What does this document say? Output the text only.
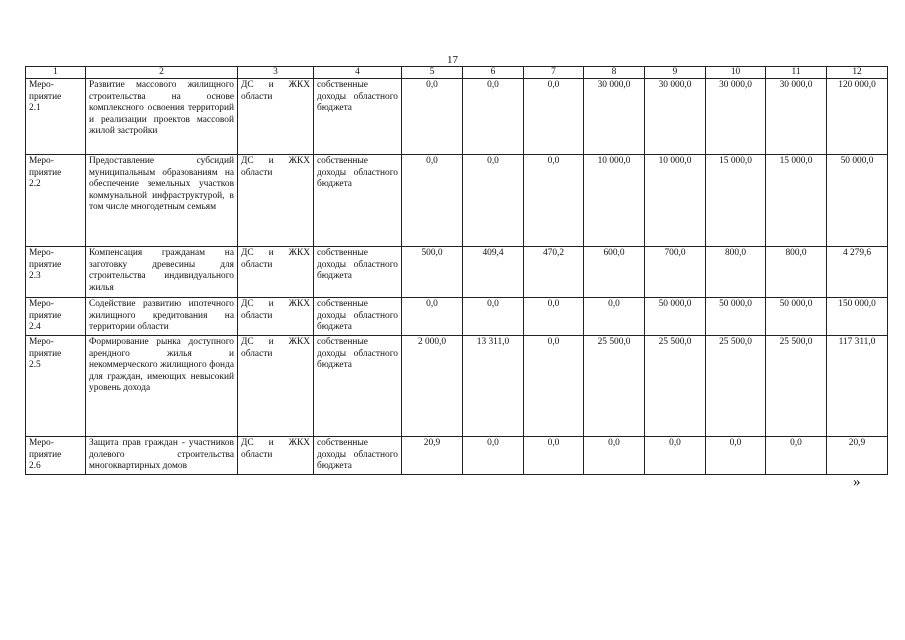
17
1	2	3	4	5	6	7	8	9	10	11	12

Меро-
приятие
2.1	Развитие массового жилищного строительства на основе комплексного освоения территорий и реализации проектов массовой жилой застройки	ДС и ЖКХ области	собственные доходы областного бюджета	0,0	0,0	0,0	30 000,0	30 000,0	30 000,0	30 000,0	120 000,0

Меро-
приятие
2.2	Предоставление субсидий муниципальным образованиям на обеспечение земельных участков коммунальной инфраструктурой, в том числе многодетным семьям	ДС и ЖКХ области	собственные доходы областного бюджета	0,0	0,0	0,0	10 000,0	10 000,0	15 000,0	15 000,0	50 000,0

Меро-
приятие
2.3	Компенсация гражданам на заготовку древесины для строительства индивидуального жилья	ДС и ЖКХ области	собственные доходы областного бюджета	500,0	409,4	470,2	600,0	700,0	800,0	800,0	4 279,6

Меро-
приятие
2.4	Содействие развитию ипотечного жилищного кредитования на территории области	ДС и ЖКХ области	собственные доходы областного бюджета	0,0	0,0	0,0	0,0	50 000,0	50 000,0	50 000,0	150 000,0

Меро-
приятие
2.5	Формирование рынка доступного арендного жилья и некоммерческого жилищного фонда для граждан, имеющих невысокий уровень дохода	ДС и ЖКХ области	собственные доходы областного бюджета	2 000,0	13 311,0	0,0	25 500,0	25 500,0	25 500,0	25 500,0	117 311,0

Меро-
приятие
2.6	Защита прав граждан - участников долевого строительства многоквартирных домов	ДС и ЖКХ области	собственные доходы областного бюджета	20,9	0,0	0,0	0,0	0,0	0,0	0,0	20,9
»
